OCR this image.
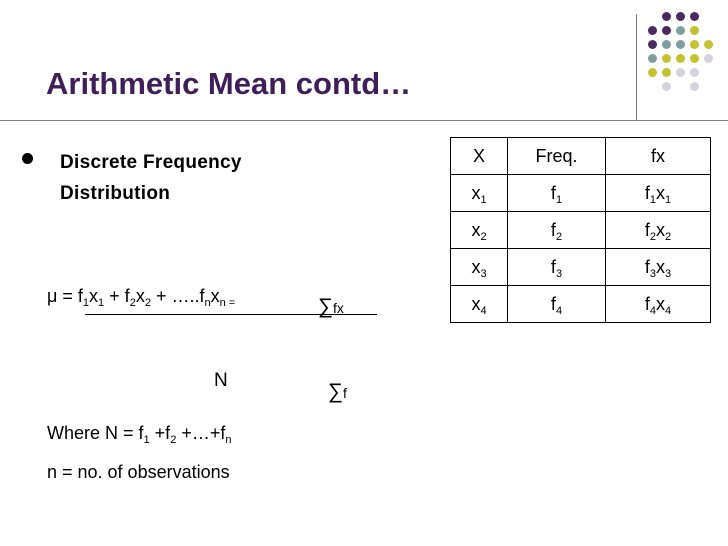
Arithmetic Mean contd…
Discrete Frequency Distribution
$\mu = f_1x_1 + f_2x_2$ + $\dots..f_nx_{n =}$	∑fx
N	∑f
Where $N = f_1 +f_2$ $+\dots+f_n$
n = no. of observations
X	Freq.	fx
$x_1$	$f_1$	$f_1x_1$
$x_2$	$f_2$	$f_2x_2$
$x_3$	$f_3$	$f_3x_3$
$x_4$	$f_4$	$f_4x_4$
